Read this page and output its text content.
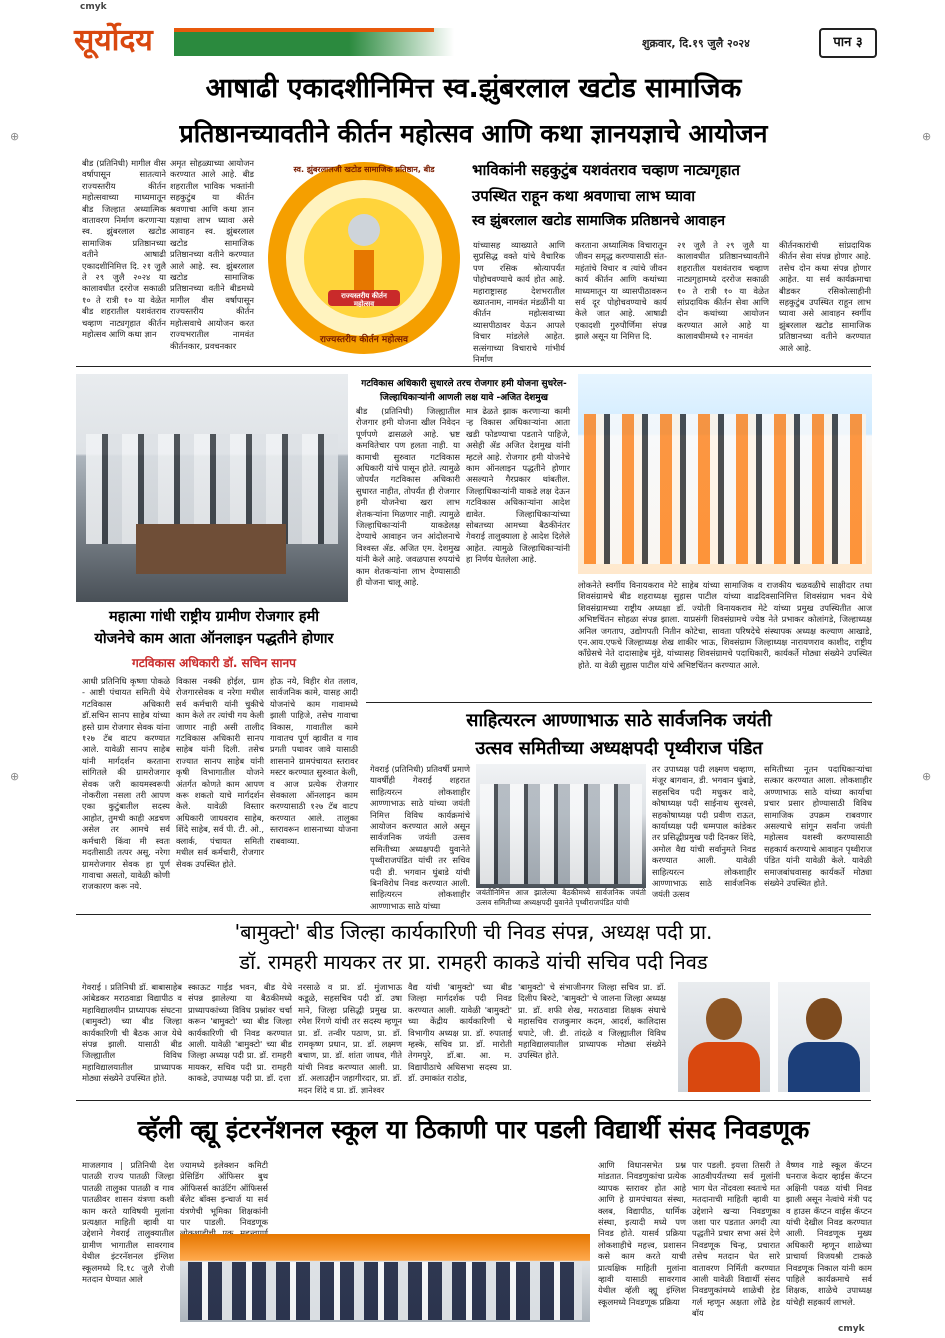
cmyk
cmyk
⊕	⊕
⊕	⊕
सूर्योदय	शुक्रवार, दि.१९ जुलै २०२४	पान ३
आषाढी एकादशीनिमित्त स्व.झुंबरलाल खटोड सामाजिक
प्रतिष्ठानच्यावतीने कीर्तन महोत्सव आणि कथा ज्ञानयज्ञाचे आयोजन
बीड (प्रतिनिधी) मागील वीस वर्षापासून सातत्याने राज्यस्तरीय कीर्तन महोत्सवाच्या माध्यमातून बीड जिल्हात अध्यात्मिक वातावरण निर्माण करणाऱ्या स्व. झुंबरलाल खटोड सामाजिक प्रतिष्ठानच्या वतीने आषाढी एकादशीनिमित्त दि. २१ जुलै ते २९ जुलै २०२४ या कालावधीत दररोज सकाळी १० ते रात्री १० या वेळेत बीड शहरातील यशवंतराव चव्हाण नाट्यगृहात कीर्तन महोत्सव आणि कथा ज्ञान
अमृत सोहळ्याच्या आयोजन करण्यात आले आहे. बीड शहरातील भाविक भक्तांनी सहकुटुंब या कीर्तन श्रवणाचा आणि कथा ज्ञान यज्ञाचा लाभ घ्यावा असे आवाहन स्व. झुंबरलाल खटोड सामाजिक प्रतिष्ठानच्या वतीने करण्यात आले आहे. स्व. झुंबरलाल खटोड सामाजिक प्रतिष्ठानच्या वतीने बीडमध्ये मागील वीस वर्षापासून राज्यस्तरीय कीर्तन महोत्सवाचे आयोजन करत राज्यभरातील नामवंत कीर्तनकार, प्रवचनकार
स्व. झुंबरलालजी खटोड सामाजिक प्रतिष्ठान, बीड
राज्यस्तरीय कीर्तन महोत्सव
राज्यस्तरीय कीर्तन महोत्सव
भाविकांनी सहकुटुंब यशवंतराव चव्हाण नाट्यगृहात
उपस्थित राहून कथा श्रवणाचा लाभ घ्यावा
स्व झुंबरलाल खटोड सामाजिक प्रतिष्ठानचे आवाहन
यांच्यासह व्याख्याते आणि सुप्रसिद्ध वक्ते यांचे वैचारिक पण रसिक श्रोत्यापर्यंत पोहोचवण्याचे कार्य होत आहे. महाराष्ट्रासह देशभरातील ख्यातनाम, नामवंत मंडळींनी या कीर्तन महोत्सवाच्या व्यासपीठावर येऊन आपले विचार मांडलेले आहेत. सत्संगाच्या विचाराचे गांभीर्य निर्माण
करताना अध्यात्मिक विचारातून जीवन समृद्ध करण्यासाठी संत-महंतांचे विचार व त्यांचे जीवन कार्य कीर्तन आणि कथांच्या माध्यमातून या व्यासपीठावरून सर्व दूर पोहोचवण्याचे कार्य केले जात आहे. आषाढी एकादशी गुरुपौर्णिमा संपन्न झाले असून या निमित्त दि.
२१ जुलै ते २९ जुलै या कालावधीत प्रतिष्ठानच्यावतीने शहरातील यशवंतराव चव्हाण नाट्यगृहामध्ये दररोज सकाळी १० ते रात्री १० या वेळेत सांप्रदायिक कीर्तन सेवा आणि दोन कथांच्या आयोजन करण्यात आले आहे या कालावधीमध्ये १२ नामवंत
कीर्तनकारांची सांप्रदायिक कीर्तन सेवा संपन्न होणार आहे. तसेच दोन कथा संपन्न होणार आहेत. या सर्व कार्यक्रमाचा बीडकर रसिकोत्साहीनी सहकुटुंब उपस्थित राहून लाभ घ्यावा असे आवाहन स्वर्गीय झुंबरलाल खटोड सामाजिक प्रतिष्ठानच्या वतीने करण्यात आले आहे.
गटविकास अधिकारी सुधारले तरच रोजगार हमी योजना सुधरेल-
जिल्हाधिकाऱ्यांनी आणली लक्ष यावे -अजित देशमुख
बीड (प्रतिनिधी) जिल्ह्यातील रोजगार हमी योजना खील निवेदन पूर्णपणे ढासळले आहे. भ्रष्ट कमवितेचार पण हलता नाही. या कामाची सुरुवात गटविकास अधिकारी यांचे पासून होते. त्यामुळे जोपर्यंत गटविकास अधिकारी सुधारत नाहीत, तोपर्यंत ही रोजगार हमी योजनेचा खरा लाभ शेतकऱ्यांना मिळणार नाही. त्यामुळे जिल्हाधिकाऱ्यांनी याकडेलक्ष देण्याचे आवाहन जन आंदोलनाचे विश्वस्त ॲड. अजित एम. देशमुख यांनी केले आहे. जवळपास रुपयांचे काम शेतकऱ्यांना लाभ देण्यासाठी ही योजना चालू आहे.
मात्र ढेळते झाक करणाऱ्या कामी ऱ्ह विकास अधिकाऱ्यांना आता खडी फोडण्याचा पडताने पाहिजे, असेही ॲड अजित देशमुख यांनी म्हटले आहे. रोजगार हमी योजनेचे काम ऑनलाइन पद्धतीने होणार असल्याने गैरप्रकार थांबतील. जिल्हाधिकाऱ्यांनी याकडे लक्ष देऊन गटविकास अधिकाऱ्यांना आदेश द्यावेत. जिल्हाधिकाऱ्यांच्या सोबतच्या आमच्या बैठकीनंतर गेवराई तालुक्याला हे आदेश दिलेले आहेत. त्यामुळे जिल्हाधिकाऱ्यांनी हा निर्णय घेतलेला आहे.
महात्मा गांधी राष्ट्रीय ग्रामीण रोजगार हमी
योजनेचे काम आता ऑनलाइन पद्धतीने होणार
गटविकास अधिकारी डॉ. सचिन सानप
आधी प्रतिनिधि कृष्णा पोकळे - आष्टी पंचायत समिती येथे गटविकास अधिकारी डॉ.सचिन सानप साहेब यांच्या हस्ते ग्राम रोजगार सेवक यांना १२७ टॅब वाटप करण्यात आले. यावेळी सानप साहेब यांनी मार्गदर्शन करताना सांगितले की ग्रामरोजगार सेवक जरी कायमस्वरूपी नोकरीला नसला तरी आपण एका कुटुंबातील सदस्य आहोत, तुमची काही अडचण असेल तर आमचे सर्व कर्मचारी किंवा मी स्वतः मदतीसाठी तत्पर असू. नरेगा ग्रामरोजगार सेवक हा पूर्ण गावाचा असतो, यावेळी कोणी राजकारण करू नये.
विकास नक्की होईल, ग्राम रोजगारसेवक व नरेगा मधील सर्व कर्मचारी यांनी चुकीचे काम केले तर त्यांची गय केली जाणार नाही असी तालीद गटविकास अधिकारी सानप साहेब यांनी दिली. तसेच राज्यात सानप साहेब यांनी कृषी विभागातील योजने अंतर्गत कोणते काम आपण करू शकतो याचे मार्गदर्शन केले. यावेळी विस्तार अधिकारी जाधवराव साहेब, शिंदे साहेब, सर्व पी. टी. ओ., क्लार्क, पंचायत समिती मधील सर्व कर्मचारी, रोजगार सेवक उपस्थित होते.
होऊ नये, विहीर शेत तलाव, सार्वजनिक कामे, यासह आदी योजनांचे काम गावामध्ये झाली पाहिजे, तसेच गावाचा विकास, गावातील कामे गावातच पूर्ण व्हावीत व गाव प्रगती पथावर जावे यासाठी शासनाने ग्रामपंचायत स्तरावर मस्टर करण्यात सुरुवात केली, व आज प्रत्येक रोजगार सेवकाला ऑनलाइन काम करण्यासाठी १२७ टॅब वाटप करण्यात आले. तालुका स्तरावरून शासनाच्या योजना राबवाव्या.
लोकनेते स्वर्गीय विनायकराव मेटे साहेब यांच्या सामाजिक व राजकीय चळवळीचे साक्षीदार तथा शिवसंग्रामचे बीड शहराध्यक्ष सुहास पाटील यांच्या वाढदिवसानिमित्त शिवसंग्राम भवन येथे शिवसंग्रामच्या राष्ट्रीय अध्यक्षा डॉ. ज्योती विनायकराव मेटे यांच्या प्रमुख उपस्थितीत आज अभिष्टचिंतन सोहळा संपन्न झाला. याप्रसंगी शिवसंग्रामचे ज्येष्ठ नेते प्रभाकर कोलांगडे, जिल्हाध्यक्ष अनिल जगताप, उद्योगपती नितीन कोटेचा, सावता परिषदेचे संस्थापक अध्यक्ष कल्याण आखाडे, एन.आय.एफचे जिल्हाध्यक्ष शेख शाकीर भाऊ, शिवसंग्राम जिल्हाध्यक्ष नारायणराव काशीद, राष्ट्रीय काँग्रेसचे नेते दादासाहेब मुंडे, यांच्यासह शिवसंग्रामचे पदाधिकारी, कार्यकर्ते मोठ्या संख्येने उपस्थित होते. या वेळी सुहास पाटील यांचे अभिष्टचिंतन करण्यात आले.
साहित्यरत्न आण्णाभाऊ साठे सार्वजनिक जयंती
उत्सव समितीच्या अध्यक्षपदी पृथ्वीराज पंडित
गेवराई (प्रतिनिधी) प्रतिवर्षी प्रमाणे यावर्षीही गेवराई शहरात साहित्यरत्न लोकशाहीर आण्णाभाऊ साठे यांच्या जयंती निमित्त विविध कार्यक्रमांचे आयोजन करण्यात आले असून सार्वजनिक जयंती उत्सव समितीच्या अध्यक्षपदी युवानेते पृथ्वीराजपंडित यांची तर सचिव पदी डी. भगवान घुंबाडे यांची बिनविरोध निवड करण्यात आली. साहित्यरत्न लोकशाहीर आण्णाभाऊ साठे यांच्या
जयंतीनिमित्त आज झालेल्या बैठकीमध्ये सार्वजनिक जयंती उत्सव समितीच्या अध्यक्षपदी युवानेते पृथ्वीराजपंडित यांची
तर उपाध्यक्ष पदी लक्ष्मण चव्हाण, मंजूर बागवान, डी. भगवान घुंबाडे, सहसचिव पदी मधुकर वादे, कोषाध्यक्ष पदी साईनाथ सुरवसे, सहकोषाध्यक्ष पदी प्रवीण राऊत, कार्याध्यक्ष पदी धम्मपाल कांडेकर तर प्रसिद्धीप्रमुख पदी दिनकर शिंदे, अमोल वैद्य यांची सर्वानुमते निवड करण्यात आली. यावेळी साहित्यरत्न लोकशाहीर आण्णाभाऊ साठे सार्वजनिक जयंती उत्सव
समितीच्या नूतन पदाधिकाऱ्यांचा सत्कार करण्यात आला. लोकशाहीर अण्णाभाऊ साठे यांच्या कार्याचा प्रचार प्रसार होण्यासाठी विविध सामाजिक उपक्रम राबवणार असल्याचे सांगून सर्वांना जयंती महोत्सव यशस्वी करण्यासाठी सहकार्य करण्याचे आवाहन पृथ्वीराज पंडित यांनी यावेळी केले. यावेळी समाजबांधवासह कार्यकर्ते मोठ्या संख्येने उपस्थित होते.
'बामुक्टो' बीड जिल्हा कार्यकारिणी ची निवड संपन्न, अध्यक्ष पदी प्रा.
डॉ. रामहरी मायकर तर प्रा. रामहरी काकडे यांची सचिव पदी निवड
गेवराई । प्रतिनिधी डॉ. बाबासाहेब आंबेडकर मराठवाडा विद्यापीठ व महाविद्यालयीन प्राध्यापक संघटना (बामुक्टो) च्या बीड जिल्हा कार्यकारिणी ची बैठक आज येथे संपन्न झाली. यासाठी बीड जिल्ह्यातील विविध महाविद्यालयातील प्राध्यापक मोठ्या संख्येने उपस्थित होते.
स्काऊट गाईड भवन, बीड येथे संपन्न झालेल्या या बैठकीमध्ये प्राध्यापकांच्या विविध प्रश्नांवर चर्चा करून 'बामुक्टो' च्या बीड जिल्हा कार्यकारिणी ची निवड करण्यात आली. यावेळी 'बामुक्टो' च्या बीड जिल्हा अध्यक्ष पदी प्रा. डॉ. रामहरी मायकर, सचिव पदी प्रा. रामहरी काकडे, उपाध्यक्ष पदी प्रा. डॉ. दत्ता
नरसाळे व प्रा. डॉ. मुंजाभाऊ कडूळे, सहसचिव पदी डॉ. उषा माने, जिल्हा प्रसिद्धी प्रमुख प्रा. रमेश रिंगणे यांची तर सदस्य म्हणून प्रा. डॉ. तन्वीर पठाण, प्रा. डॉ. रामकृष्ण प्रधान, प्रा. डॉ. लक्ष्मण बचाण, प्रा. डॉ. शांता जाधव, गीते यांची निवड करण्यात आली. प्रा. डॉ. अलाउद्दीन जहागीरदार, प्रा. डॉ. मदन शिंदे व प्रा. डॉ. ज्ञानेश्वर
वैद्य यांची 'बामुक्टो' च्या बीड जिल्हा मार्गदर्शक पदी निवड करण्यात आली. यावेळी 'बामुक्टो' च्या केंद्रीय कार्यकारिणी चे विभागीय अध्यक्ष प्रा. डॉ. रुपाताई म्हस्के, सचिव प्रा. डॉ. मारोती तेगमपुरे, डॉ.बा. आ. म. विद्यापीठाचे अधिसभा सदस्य प्रा. डॉ. उमाकांत राठोड,
'बामुक्टो' चे संभाजीनगर जिल्हा सचिव प्रा. डॉ. दिलीप बिरुटे, 'बामुक्टो' चे जालना जिल्हा अध्यक्ष प्रा. डॉ. शफी शेख, मराठवाडा शिक्षक संघाचे महासचिव राजकुमार कदम, आदर्श, कालिदास धपाटे, जी. डी. तांदळे व जिल्ह्यातील विविध महाविद्यालयातील प्राध्यापक मोठ्या संख्येने उपस्थित होते.
व्हॅली व्ह्यू इंटरनॅशनल स्कूल या ठिकाणी पार पडली विद्यार्थी संसद निवडणूक
माजलगाव | प्रतिनिधी देश पातळी राज्य पातळी जिल्हा पातळी तालुका पातळी व गाव पातळीवर शासन यंत्रणा कशी काम करते याविषयी मुलांना प्रत्यक्षात माहिती व्हावी या उद्देशाने गेवराई तालुक्यातील ग्रामीण भागातील सावरगाव येथील इंटरनॅशनल इंग्लिश स्कूलमध्ये दि.१८ जुलै रोजी मतदान घेण्यात आले
ज्यामध्ये इलेक्शन कमिटी प्रेसिडिंग ऑफिसर बुथ ऑफिसर्स काउंटिंग ऑफिसर्स बॅलेट बॉक्स इन्चार्ज या सर्व यंत्रणेची भूमिका शिक्षकांनी पार पाडली. निवडणूक
आणि विधानसभेत प्रश्न मांडतात. निवडणुकांचा प्रत्येक व्यापक स्तरावर होत आहे आणि हे ग्रामपंचायत संस्था, क्लब, विद्यापीठ, धार्मिक संस्था, इत्यादी मध्ये पण निवड होते. यासर्व प्रक्रिया लोकशाहीचे महत्त्व, प्रशासन कसे काम करते याची प्रात्यक्षिक माहिती मुलांना व्हावी यासाठी सावरगाव येथील व्हॅली व्ह्यू इंग्लिश स्कूलमध्ये निवडणूक प्रक्रिया
पार पडली. इयत्ता तिसरी ते आठवीपर्यंतच्या सर्व मुलांनी भाग घेत नोंदवला स्वतःचे मत मतदानाची माहिती व्हावी या उद्देशाने खऱ्या निवडणुका जशा पार पडतात अगदी त्या पद्धतीने प्रचार सभा असं देणे निवडणूक चिन्ह, प्रचारात तसेच मतदान घेत सारे वातावरण निर्मिती करण्यात आली यावेळी विद्यार्थी संसद निवडणुकांमध्ये शाळेची हेड गर्ल म्हणून अक्षता लोंढे हेड बॉय
वैष्णव गाडे स्कूल कॅप्टन घनराज केदार व्हाईस कॅप्टन अक्षिनी पवळ यांची निवड झाली असून नेत्वांचे मंत्री पद व हाउस कॅप्टन वाईस कॅप्टन यांची देखील निवड करण्यात आली. निवडणूक मुख्य अधिकारी म्हणून शाळेच्या प्राचार्या विजयश्री टाकळे निवडणूक निकाल यांनी काम पाहिले कार्यक्रमाचे सर्व शिक्षक, शाळेचे उपाध्यक्ष यांचेही सहकार्य लाभले.
